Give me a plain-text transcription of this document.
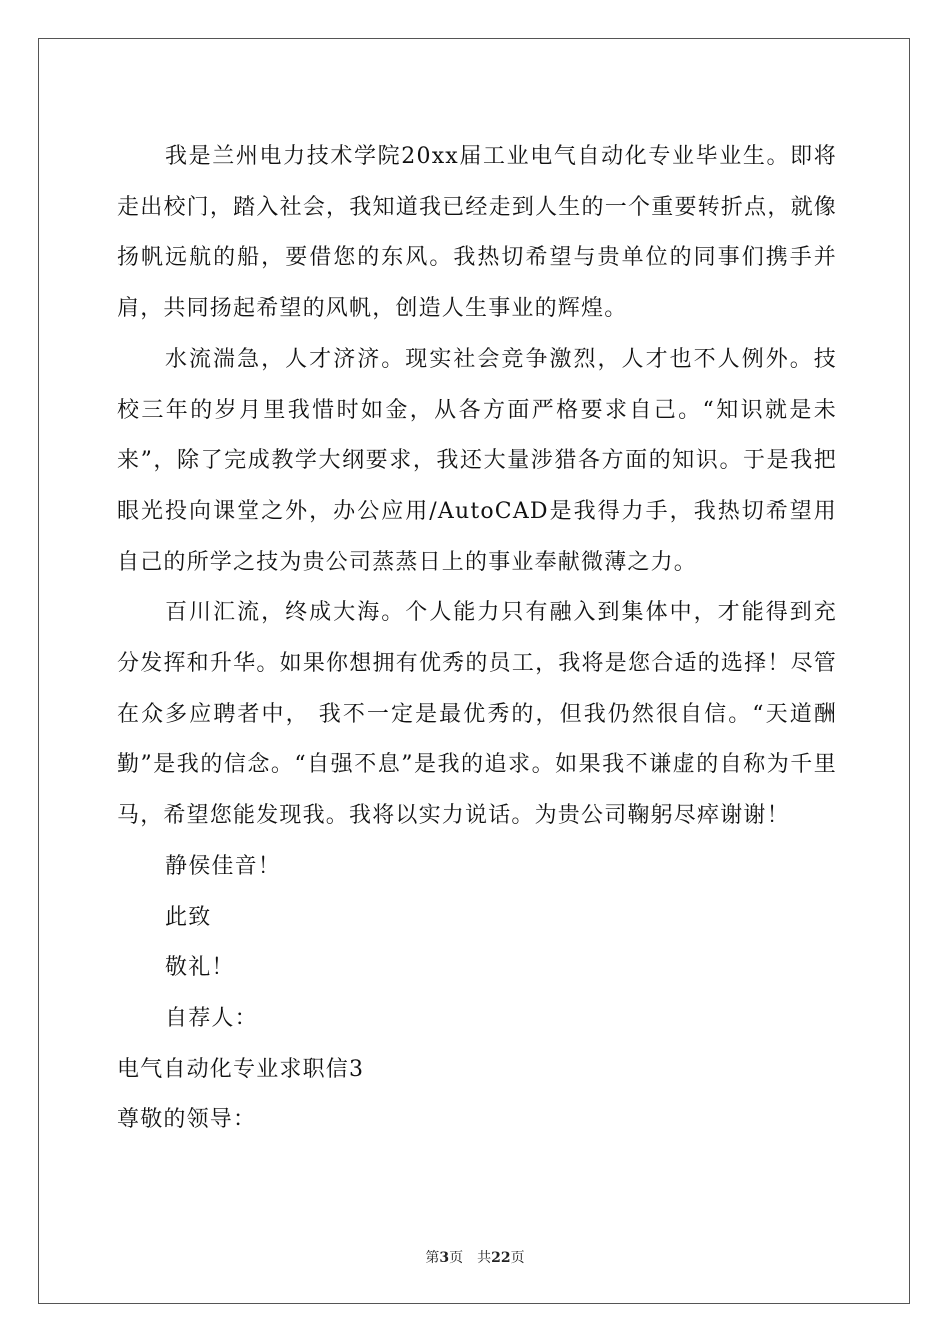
我是兰州电力技术学院20xx届工业电气自动化专业毕业生。即将走出校门，踏入社会，我知道我已经走到人生的一个重要转折点，就像扬帆远航的船，要借您的东风。我热切希望与贵单位的同事们携手并肩，共同扬起希望的风帆，创造人生事业的辉煌。

水流湍急，人才济济。现实社会竞争激烈，人才也不人例外。技校三年的岁月里我惜时如金，从各方面严格要求自己。“知识就是未来”，除了完成教学大纲要求，我还大量涉猎各方面的知识。于是我把眼光投向课堂之外，办公应用/AutoCAD是我得力手，我热切希望用自己的所学之技为贵公司蒸蒸日上的事业奉献微薄之力。

百川汇流，终成大海。个人能力只有融入到集体中，才能得到充分发挥和升华。如果你想拥有优秀的员工，我将是您合适的选择！尽管在众多应聘者中， 我不一定是最优秀的，但我仍然很自信。“天道酬勤”是我的信念。“自强不息”是我的追求。如果我不谦虚的自称为千里马，希望您能发现我。我将以实力说话。为贵公司鞠躬尽瘁谢谢！

静侯佳音！

此致

敬礼！

自荐人：

电气自动化专业求职信3

尊敬的领导：

第3页 共22页
